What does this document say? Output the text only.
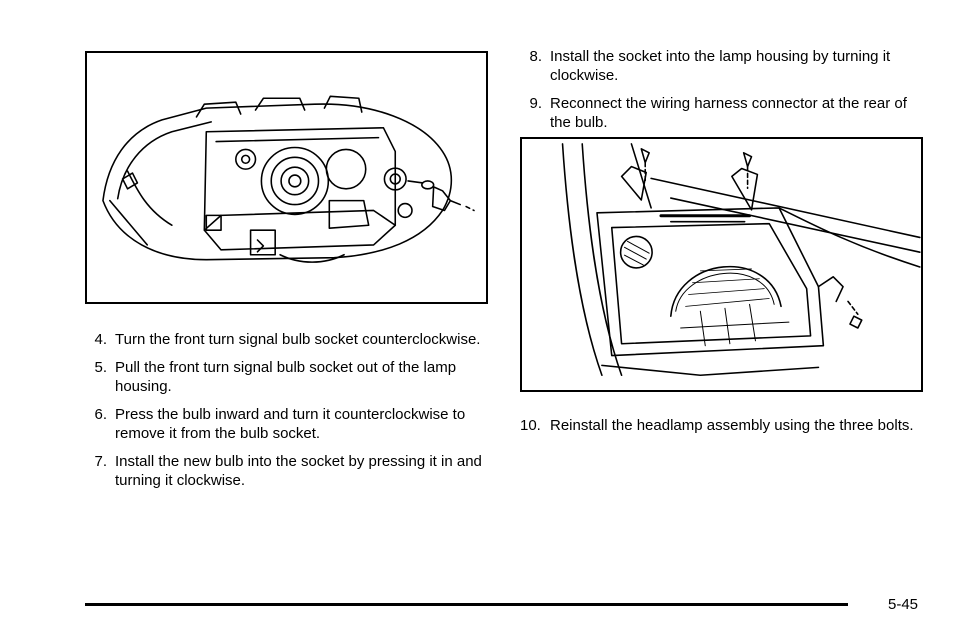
4. Turn the front turn signal bulb socket counterclockwise.
5. Pull the front turn signal bulb socket out of the lamp housing.
6. Press the bulb inward and turn it counterclockwise to remove it from the bulb socket.
7. Install the new bulb into the socket by pressing it in and turning it clockwise.
8. Install the socket into the lamp housing by turning it clockwise.
9. Reconnect the wiring harness connector at the rear of the bulb.
10. Reinstall the headlamp assembly using the three bolts.
5-45
